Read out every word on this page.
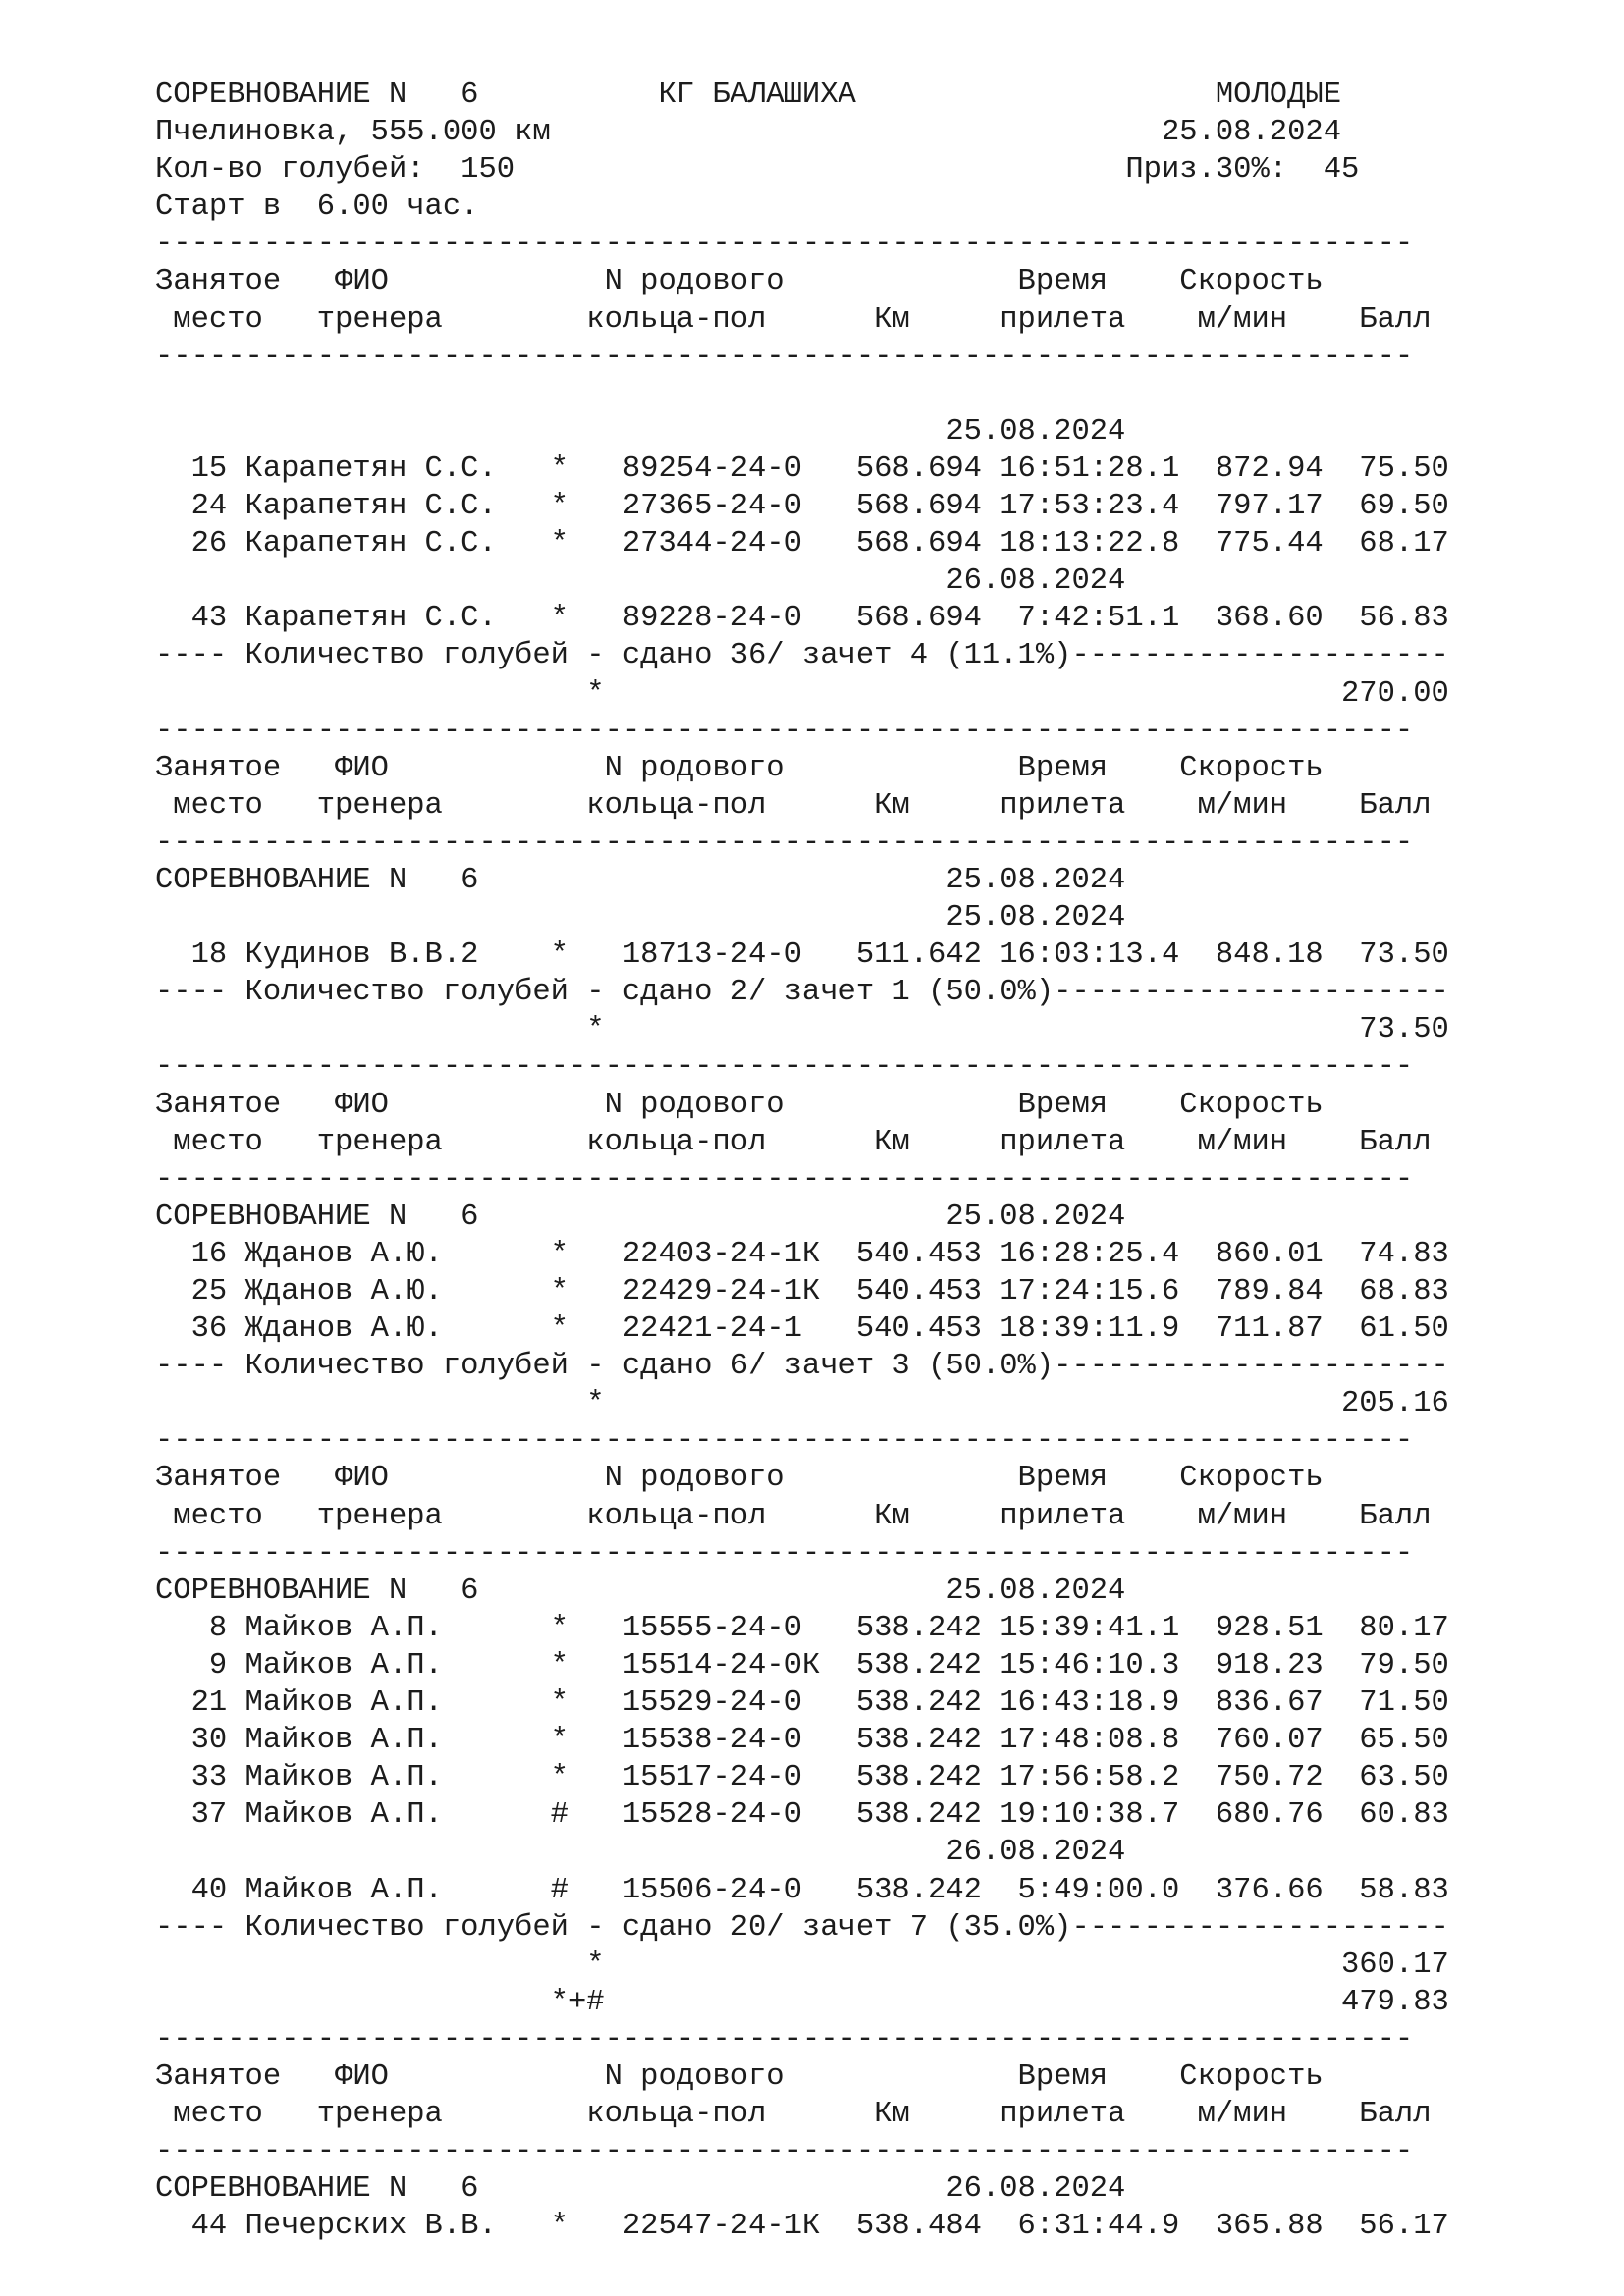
СОРЕВНОВАНИЕ N   6          КГ БАЛАШИХА                    МОЛОДЫЕ
Пчелиновка, 555.000 км                                  25.08.2024
Кол-во голубей:  150                                  Приз.30%:  45
Старт в  6.00 час.
----------------------------------------------------------------------
Занятое   ФИО            N родового             Время    Скорость
место   тренера        кольца-пол      Км     прилета    м/мин    Балл
----------------------------------------------------------------------
25.08.2024
15 Карапетян С.С.   *   89254-24-0   568.694 16:51:28.1  872.94  75.50
24 Карапетян С.С.   *   27365-24-0   568.694 17:53:23.4  797.17  69.50
26 Карапетян С.С.   *   27344-24-0   568.694 18:13:22.8  775.44  68.17
26.08.2024
43 Карапетян С.С.   *   89228-24-0   568.694  7:42:51.1  368.60  56.83
---- Количество голубей - сдано 36/ зачет 4 (11.1%)---------------------
*                                         270.00
----------------------------------------------------------------------
Занятое   ФИО            N родового             Время    Скорость
место   тренера        кольца-пол      Км     прилета    м/мин    Балл
----------------------------------------------------------------------
СОРЕВНОВАНИЕ N   6                          25.08.2024
25.08.2024
18 Кудинов В.В.2    *   18713-24-0   511.642 16:03:13.4  848.18  73.50
---- Количество голубей - сдано 2/ зачет 1 (50.0%)----------------------
*                                          73.50
----------------------------------------------------------------------
Занятое   ФИО            N родового             Время    Скорость
место   тренера        кольца-пол      Км     прилета    м/мин    Балл
----------------------------------------------------------------------
СОРЕВНОВАНИЕ N   6                          25.08.2024
16 Жданов А.Ю.      *   22403-24-1К  540.453 16:28:25.4  860.01  74.83
25 Жданов А.Ю.      *   22429-24-1К  540.453 17:24:15.6  789.84  68.83
36 Жданов А.Ю.      *   22421-24-1   540.453 18:39:11.9  711.87  61.50
---- Количество голубей - сдано 6/ зачет 3 (50.0%)----------------------
*                                         205.16
----------------------------------------------------------------------
Занятое   ФИО            N родового             Время    Скорость
место   тренера        кольца-пол      Км     прилета    м/мин    Балл
----------------------------------------------------------------------
СОРЕВНОВАНИЕ N   6                          25.08.2024
8 Майков А.П.      *   15555-24-0   538.242 15:39:41.1  928.51  80.17
9 Майков А.П.      *   15514-24-0К  538.242 15:46:10.3  918.23  79.50
21 Майков А.П.      *   15529-24-0   538.242 16:43:18.9  836.67  71.50
30 Майков А.П.      *   15538-24-0   538.242 17:48:08.8  760.07  65.50
33 Майков А.П.      *   15517-24-0   538.242 17:56:58.2  750.72  63.50
37 Майков А.П.      #   15528-24-0   538.242 19:10:38.7  680.76  60.83
26.08.2024
40 Майков А.П.      #   15506-24-0   538.242  5:49:00.0  376.66  58.83
---- Количество голубей - сдано 20/ зачет 7 (35.0%)---------------------
*                                         360.17
*+#                                         479.83
----------------------------------------------------------------------
Занятое   ФИО            N родового             Время    Скорость
место   тренера        кольца-пол      Км     прилета    м/мин    Балл
----------------------------------------------------------------------
СОРЕВНОВАНИЕ N   6                          26.08.2024
44 Печерских В.В.   *   22547-24-1К  538.484  6:31:44.9  365.88  56.17
